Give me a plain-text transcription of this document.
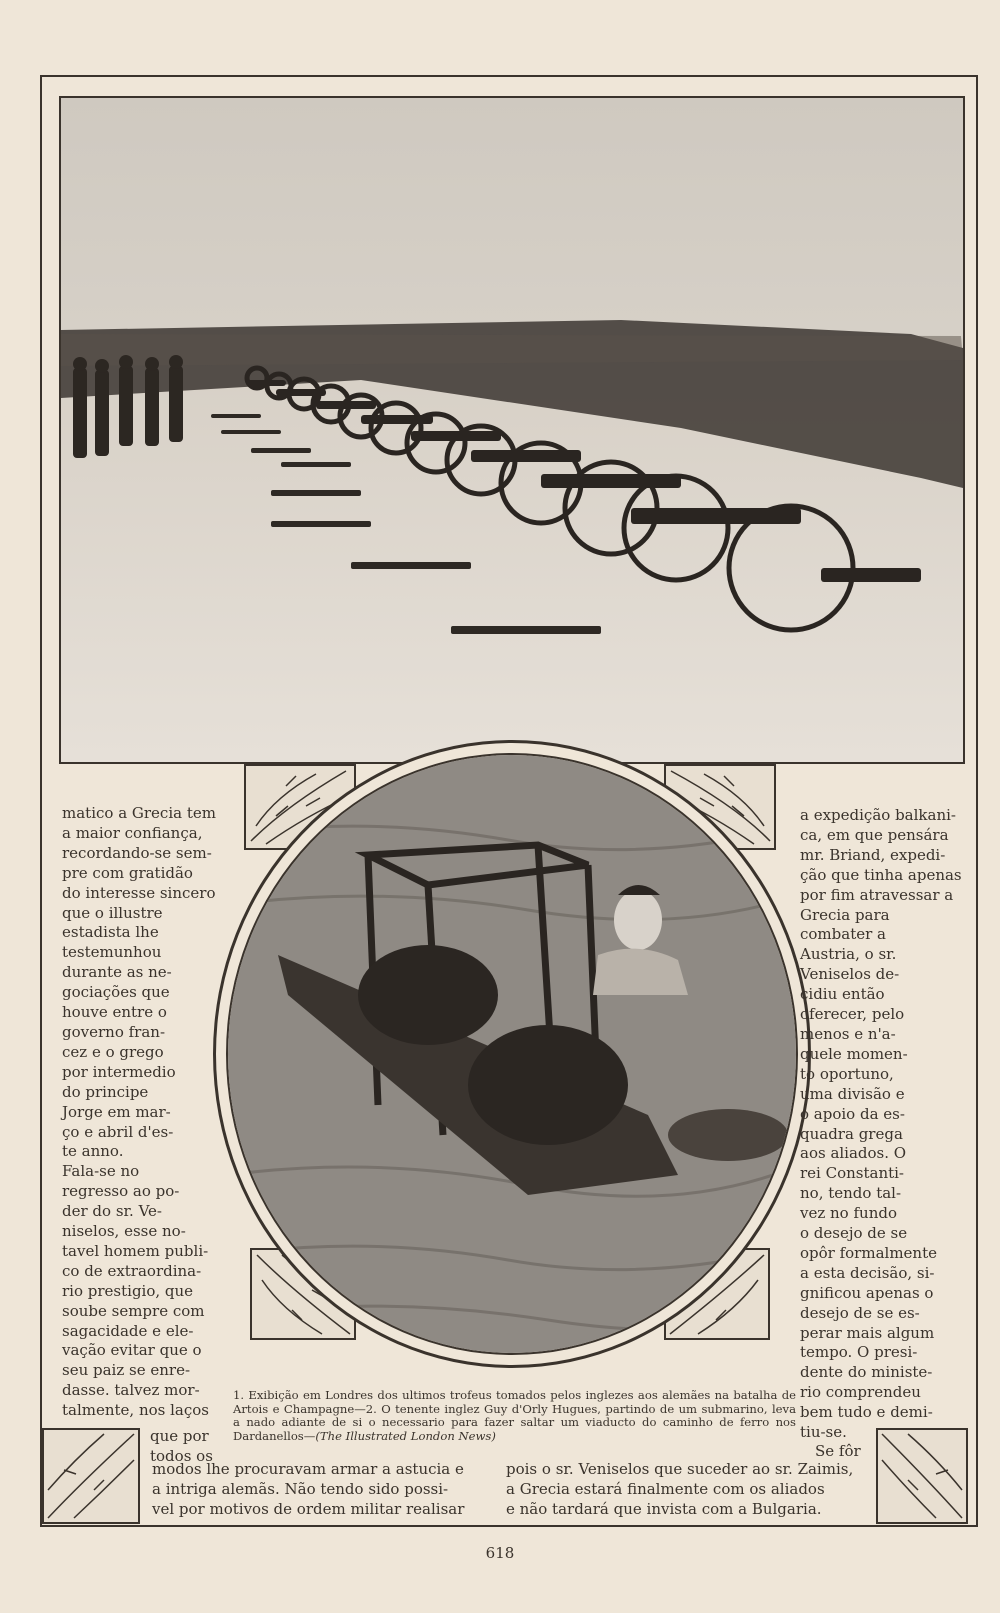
matico a Grecia tem
a maior confiança,
recordando-se sem-
pre com gratidão
do interesse sincero
que o illustre
estadista lhe
testemunhou
durante as ne-
gociações que
houve entre o
governo fran-
cez e o grego
por intermedio
do principe
Jorge em mar-
ço e abril d'es-
te anno.
Fala-se no
regresso ao po-
der do sr. Ve-
niselos, esse no-
tavel homem publi-
co de extraordina-
rio prestigio, que
soube sempre com
sagacidade e ele-
vação evitar que o
seu paiz se enre-
dasse. talvez mor-
talmente, nos laços

que por
todos os

a expedição balkani-
ca, em que pensára
mr. Briand, expedi-
ção que tinha apenas
por fim atravessar a
Grecia para
combater a
Austria, o sr.
Veniselos de-
cidiu então
oferecer, pelo
menos e n'a-
quele momen-
to oportuno,
uma divisão e
o apoio da es-
quadra grega
aos aliados. O
rei Constanti-
no, tendo tal-
vez no fundo
o desejo de se
opôr formalmente
a esta decisão, si-
gnificou apenas o
desejo de se es-
perar mais algum
tempo. O presi-
dente do ministe-
rio comprendeu
bem tudo e demi-
tiu-se.

Se fôr

1. Exibição em Londres dos ultimos trofeus tomados pelos inglezes aos alemães na batalha de Artois e Champagne—2. O tenente inglez Guy d'Orly Hugues, partindo de um submarino, leva a nado adiante de si o necessario para fazer saltar um viaducto do caminho de ferro nos Dardanellos—(The Illustrated London News)
modos lhe procuravam armar a astucia e
a intriga alemãs. Não tendo sido possi-
vel por motivos de ordem militar realisar
pois o sr. Veniselos que suceder ao sr. Zaimis,
a Grecia estará finalmente com os aliados
e não tardará que invista com a Bulgaria.
618
